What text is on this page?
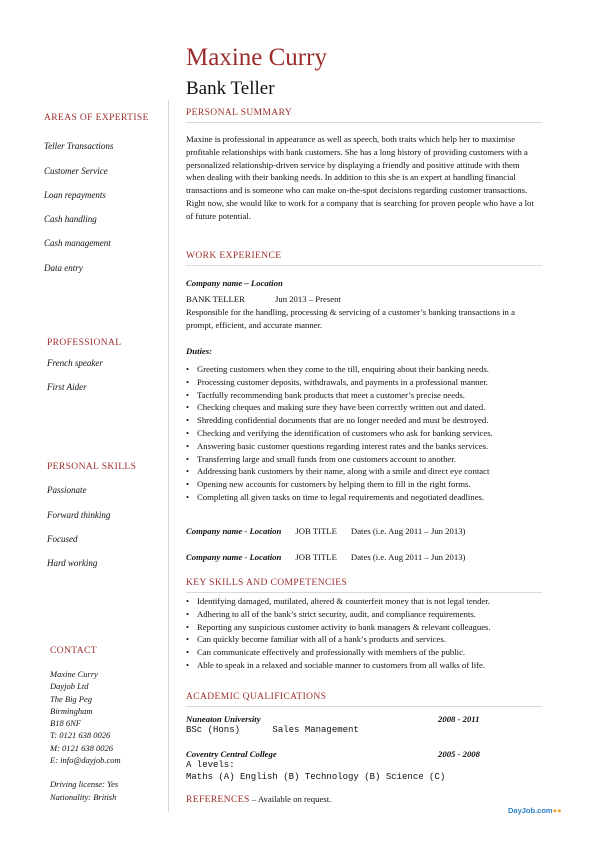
Maxine Curry
Bank Teller
AREAS OF EXPERTISE
Teller Transactions
Customer Service
Loan repayments
Cash handling
Cash management
Data entry
PROFESSIONAL
French speaker
First Aider
PERSONAL SKILLS
Passionate
Forward thinking
Focused
Hard working
CONTACT
Maxine Curry
Dayjob Ltd
The Big Peg
Birmingham
B18 6NF
T: 0121 638 0026
M: 0121 638 0026
E: info@dayjob.com
Driving license: Yes
Nationality: British
PERSONAL SUMMARY

Maxine is professional in appearance as well as speech, both traits which help her to maximise profitable relationships with bank customers. She has a long history of providing customers with a personalized relationship-driven service by displaying a friendly and positive attitude with them when dealing with their banking needs. In addition to this she is an expert at handling financial transactions and is someone who can make on-the-spot decisions regarding customer transactions. Right now, she would like to work for a company that is searching for proven people who have a lot of future potential.

WORK EXPERIENCE
Company name – Location
BANK TELLER	Jun 2013 – Present

Responsible for the handling, processing & servicing of a customer’s banking transactions in a prompt, efficient, and accurate manner.

Duties:
• Greeting customers when they come to the till, enquiring about their banking needs.
• Processing customer deposits, withdrawals, and payments in a professional manner.
• Tactfully recommending bank products that meet a customer’s precise needs.
• Checking cheques and making sure they have been correctly written out and dated.
• Shredding confidential documents that are no longer needed and must be destroyed.
• Checking and verifying the identification of customers who ask for banking services.
• Answering basic customer questions regarding interest rates and the banks services.
• Transferring large and small funds from one customers account to another.
• Addressing bank customers by their name, along with a smile and direct eye contact
• Opening new accounts for customers by helping them to fill in the right forms.
• Completing all given tasks on time to legal requirements and negotiated deadlines.
Company name - Location JOB TITLE Dates (i.e. Aug 2011 – Jun 2013)
Company name - Location JOB TITLE Dates (i.e. Aug 2011 – Jun 2013)
KEY SKILLS AND COMPETENCIES
• Identifying damaged, mutilated, altered & counterfeit money that is not legal tender.
• Adhering to all of the bank’s strict security, audit, and compliance requirements.
• Reporting any suspicious customer activity to bank managers & relevant colleagues.
• Can quickly become familiar with all of a bank’s products and services.
• Can communicate effectively and professionally with members of the public.
• Able to speak in a relaxed and sociable manner to customers from all walks of life.
ACADEMIC QUALIFICATIONS
Nuneaton University	2008 - 2011
BSc (Hons)      Sales Management
Coventry Central College	2005 - 2008
A levels:
Maths (A) English (B) Technology (B) Science (C)
REFERENCES – Available on request.
DayJob.com●●
